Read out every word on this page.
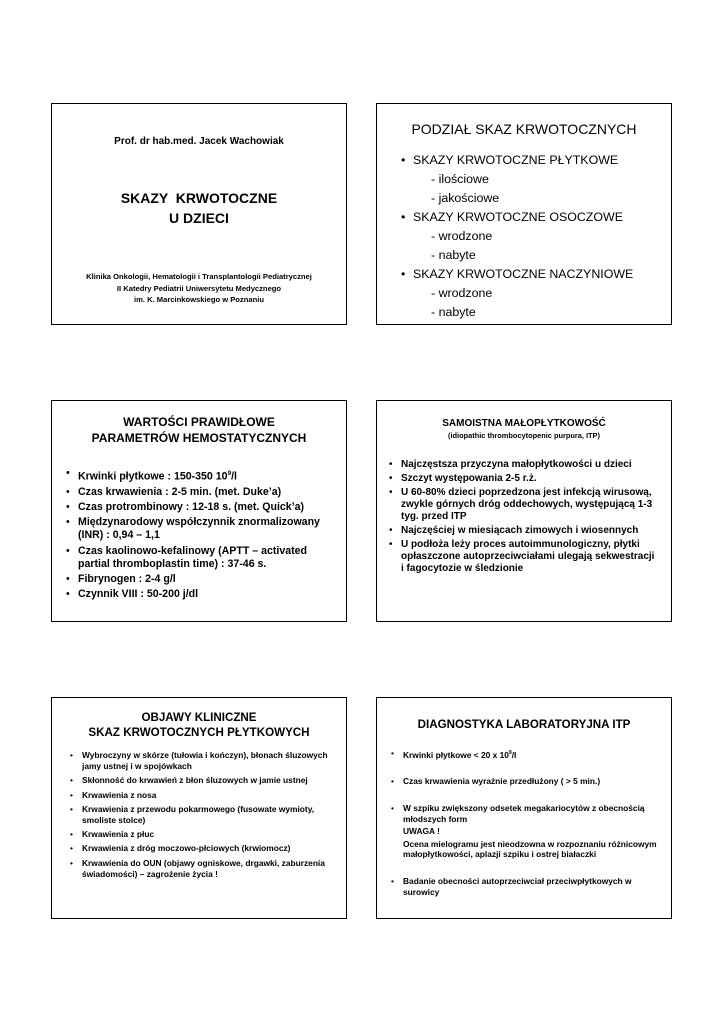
Prof. dr hab.med. Jacek Wachowiak
SKAZY  KRWOTOCZNE
U DZIECI
Klinika Onkologii, Hematologii i Transplantologii Pediatrycznej
II Katedry Pediatrii Uniwersytetu Medycznego
im. K. Marcinkowskiego w Poznaniu
PODZIAŁ SKAZ KRWOTOCZNYCH
• SKAZY KRWOTOCZNE PŁYTKOWE
- ilościowe
- jakościowe
• SKAZY KRWOTOCZNE OSOCZOWE
- wrodzone
- nabyte
• SKAZY KRWOTOCZNE NACZYNIOWE
- wrodzone
- nabyte
WARTOŚCI PRAWIDŁOWE
PARAMETRÓW HEMOSTATYCZNYCH
• Krwinki płytkowe : 150-350 $10^9/l$
• Czas krwawienia : 2-5 min. (met. Duke’a)
• Czas protrombinowy : 12-18 s. (met. Quick’a)
• Międzynarodowy współczynnik znormalizowany (INR) : 0,94 – 1,1
• Czas kaolinowo-kefalinowy (APTT – activated partial thromboplastin time) : 37-46 s.
• Fibrynogen : 2-4 g/l
• Czynnik VIII : 50-200 j/dl
SAMOISTNA MAŁOPŁYTKOWOŚĆ
(idiopathic thrombocytopenic purpura, ITP)
• Najczęstsza przyczyna małopłytkowości u dzieci
• Szczyt występowania 2-5 r.ż.
• U 60-80% dzieci poprzedzona jest infekcją wirusową, zwykle górnych dróg oddechowych, występującą 1-3 tyg. przed ITP
• Najczęściej w miesiącach zimowych i wiosennych
• U podłoża leży proces autoimmunologiczny, płytki opłaszczone autoprzeciwciałami ulegają sekwestracji i fagocytozie w śledzionie
OBJAWY KLINICZNE
SKAZ KRWOTOCZNYCH PŁYTKOWYCH
• Wybroczyny w skórze (tułowia i kończyn), błonach śluzowych jamy ustnej i w spojówkach
• Skłonność do krwawień z błon śluzowych w jamie ustnej
• Krwawienia z nosa
• Krwawienia z przewodu pokarmowego (fusowate wymioty, smoliste stolce)
• Krwawienia z płuc
• Krwawienia z dróg moczowo-płciowych (krwiomocz)
• Krwawienia do OUN (objawy ogniskowe, drgawki, zaburzenia świadomości) – zagrożenie życia !
DIAGNOSTYKA LABORATORYJNA ITP
• Krwinki płytkowe < 20 x $10^9/l$
• Czas krwawienia wyraźnie przedłużony ( > 5 min.)
• W szpiku zwiększony odsetek megakariocytów z obecnością młodszych form
UWAGA !
Ocena mielogramu jest nieodzowna w rozpoznaniu różnicowym małopłytkowości, aplazji szpiku i ostrej białaczki
• Badanie obecności autoprzeciwciał przeciwpłytkowych w surowicy
